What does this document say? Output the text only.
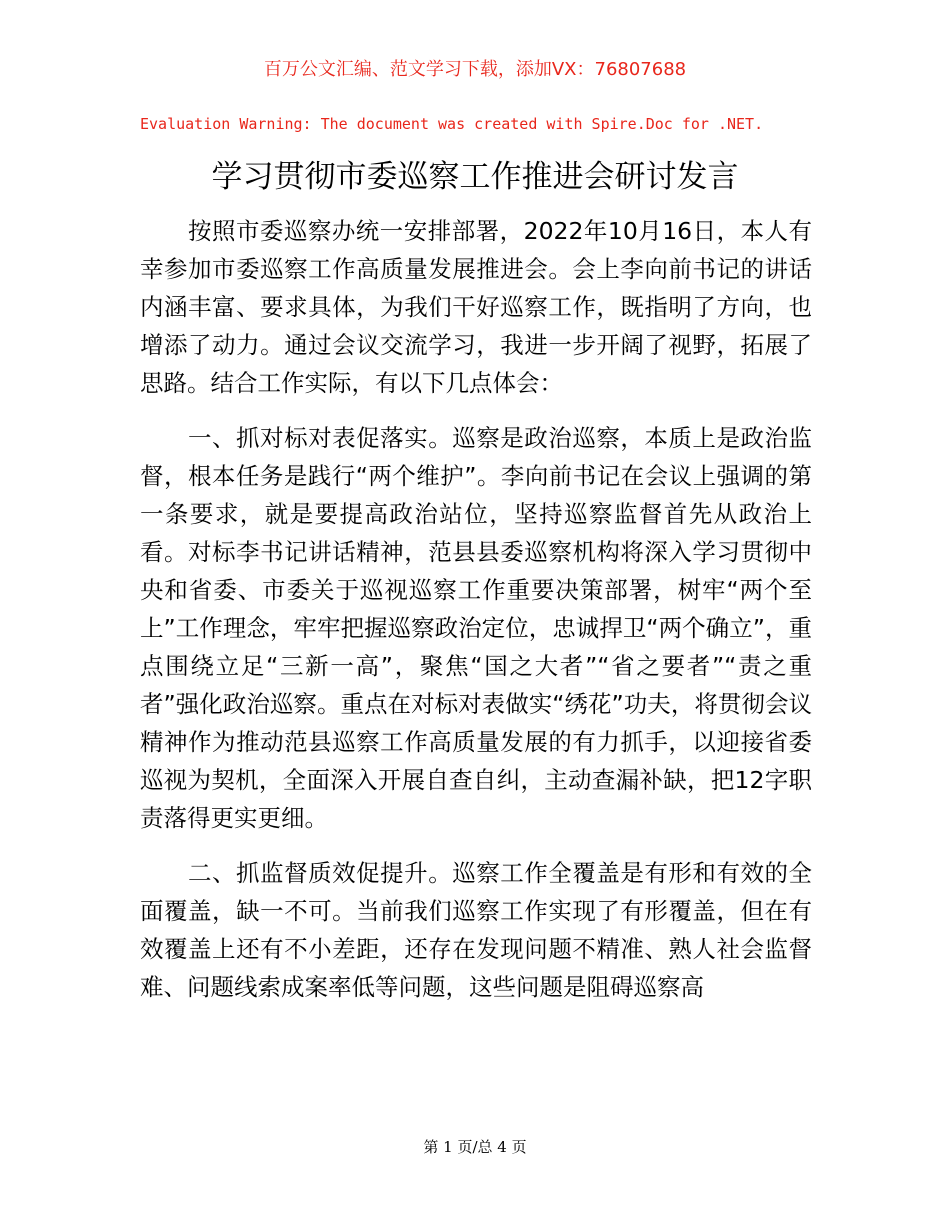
百万公文汇编、范文学习下载，添加VX：76807688
Evaluation Warning: The document was created with Spire.Doc for .NET.
学习贯彻市委巡察工作推进会研讨发言

按照市委巡察办统一安排部署，2022年10月16日，本人有幸参加市委巡察工作高质量发展推进会。会上李向前书记的讲话内涵丰富、要求具体，为我们干好巡察工作，既指明了方向，也增添了动力。通过会议交流学习，我进一步开阔了视野，拓展了思路。结合工作实际，有以下几点体会：

一、抓对标对表促落实。巡察是政治巡察，本质上是政治监督，根本任务是践行“两个维护”。李向前书记在会议上强调的第一条要求，就是要提高政治站位，坚持巡察监督首先从政治上看。对标李书记讲话精神，范县县委巡察机构将深入学习贯彻中央和省委、市委关于巡视巡察工作重要决策部署，树牢“两个至上”工作理念，牢牢把握巡察政治定位，忠诚捍卫“两个确立”，重点围绕立足“三新一高”，聚焦“国之大者”“省之要者”“责之重者”强化政治巡察。重点在对标对表做实“绣花”功夫，将贯彻会议精神作为推动范县巡察工作高质量发展的有力抓手，以迎接省委巡视为契机，全面深入开展自查自纠，主动查漏补缺，把12字职责落得更实更细。

二、抓监督质效促提升。巡察工作全覆盖是有形和有效的全面覆盖，缺一不可。当前我们巡察工作实现了有形覆盖，但在有效覆盖上还有不小差距，还存在发现问题不精准、熟人社会监督难、问题线索成案率低等问题，这些问题是阻碍巡察高

第 1 页/总 4 页
